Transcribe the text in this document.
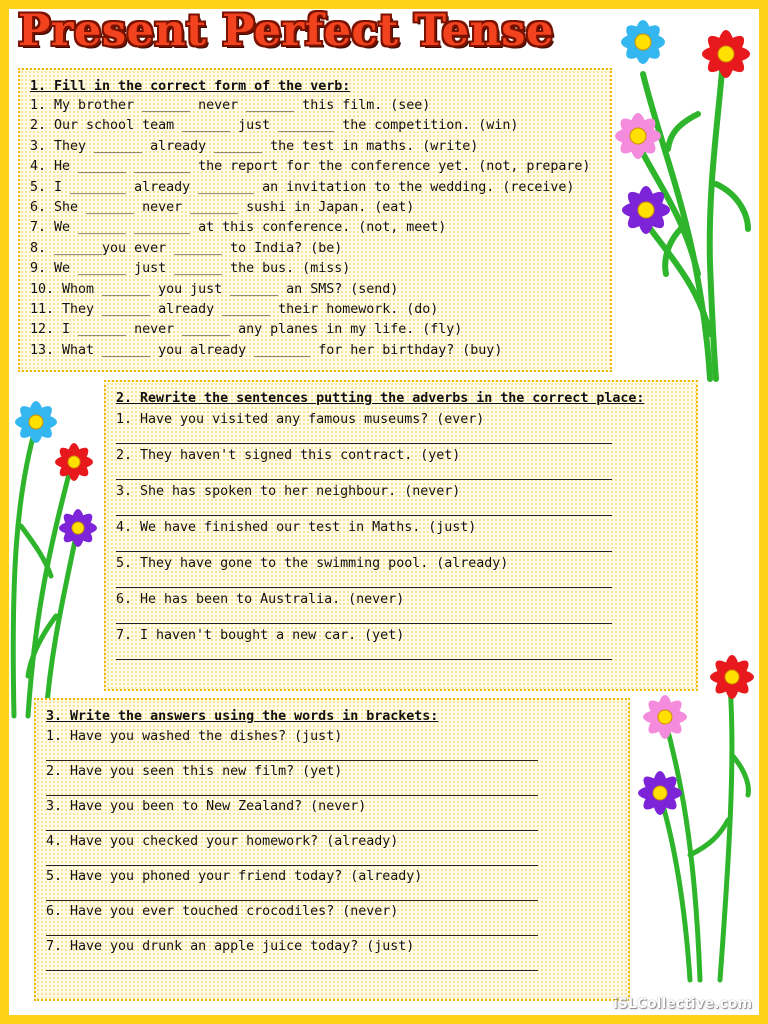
Present Perfect Tense
1. Fill in the correct form of the verb:
1. My brother ______ never ______ this film. (see)
2. Our school team ______ just _______ the competition. (win)
3. They ______ already ______ the test in maths. (write)
4. He ______ _______ the report for the conference yet. (not, prepare)
5. I _______ already _______ an invitation to the wedding. (receive)
6. She ______ never ______ sushi in Japan. (eat)
7. We ______ _______ at this conference. (not, meet)
8. ______you ever ______ to India? (be)
9. We ______ just ______ the bus. (miss)
10. Whom ______ you just ______ an SMS? (send)
11. They ______ already ______ their homework. (do)
12. I ______ never ______ any planes in my life. (fly)
13. What ______ you already _______ for her birthday? (buy)
2. Rewrite the sentences putting the adverbs in the correct place:
1. Have you visited any famous museums? (ever)
2. They haven't signed this contract. (yet)
3. She has spoken to her neighbour. (never)
4. We have finished our test in Maths. (just)
5. They have gone to the swimming pool. (already)
6. He has been to Australia. (never)
7. I haven't bought a new car. (yet)
3. Write the answers using the words in brackets:
1. Have you washed the dishes? (just)
2. Have you seen this new film? (yet)
3. Have you been to New Zealand? (never)
4. Have you checked your homework? (already)
5. Have you phoned your friend today? (already)
6. Have you ever touched crocodiles? (never)
7. Have you drunk an apple juice today? (just)
iSLCollective.com
